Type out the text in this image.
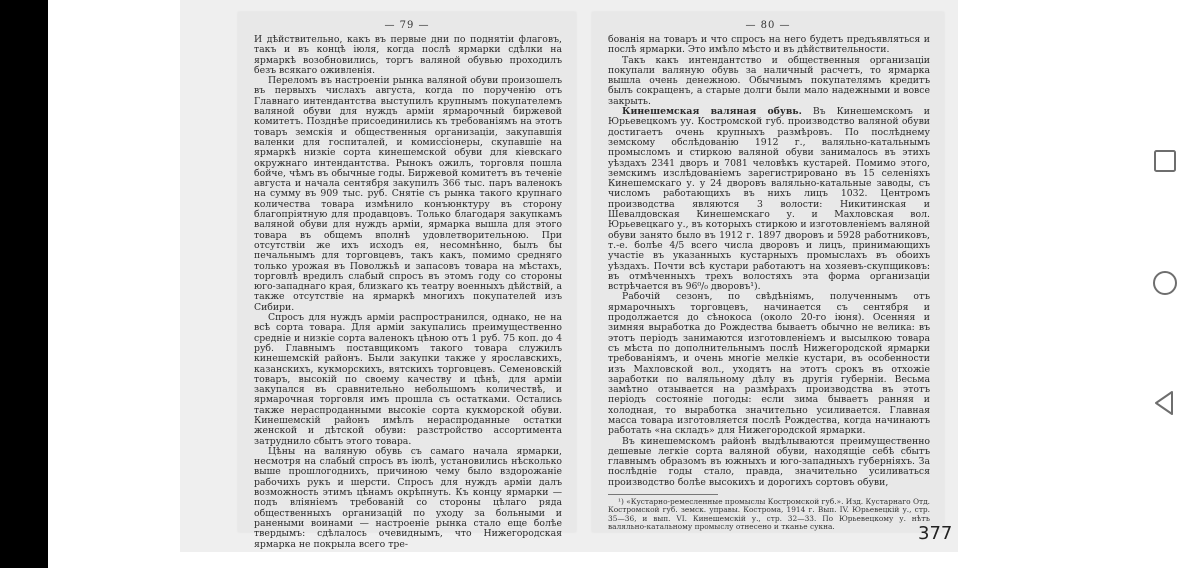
— 79 —

И дѣйствительно, какъ въ первые дни по поднятіи флаговъ, такъ и въ концѣ іюля, когда послѣ ярмарки сдѣлки на ярмаркѣ возобновились, торгъ валяной обувью проходилъ безъ всякаго оживленія.

Переломъ въ настроеніи рынка валяной обуви произошелъ въ первыхъ числахъ августа, когда по порученію отъ Главнаго интендантства выступилъ крупнымъ покупателемъ валяной обуви для нуждъ арміи ярмарочный биржевой комитетъ. Позднѣе присоединились къ требованіямъ на этотъ товаръ земскія и общественныя организаціи, закупавшія валенки для госпиталей, и комиссіонеры, скупавшіе на ярмаркѣ низкіе сорта кинешемской обуви для кіевскаго окружнаго интендантства. Рынокъ ожилъ, торговля пошла бойче, чѣмъ въ обычные годы. Биржевой комитетъ въ теченіе августа и начала сентября закупилъ 366 тыс. паръ валенокъ на сумму въ 909 тыс. руб. Снятіе съ рынка такого крупнаго количества товара измѣнило конъюнктуру въ сторону благопріятную для продавцовъ. Только благодаря закупкамъ валяной обуви для нуждъ арміи, ярмарка вышла для этого товара въ общемъ вполнѣ удовлетворительною. При отсутствіи же ихъ исходъ ея, несомнѣнно, былъ бы печальнымъ для торговцевъ, такъ какъ, помимо средняго только урожая въ Поволжьѣ и запасовъ товара на мѣстахъ, торговлѣ вредилъ слабый спросъ въ этомъ году со стороны юго-западнаго края, близкаго къ театру военныхъ дѣйствій, а также отсутствіе на ярмаркѣ многихъ покупателей изъ Сибири.

Спросъ для нуждъ арміи распространился, однако, не на всѣ сорта товара. Для арміи закупались преимущественно средніе и низкіе сорта валенокъ цѣною отъ 1 руб. 75 коп. до 4 руб. Главнымъ поставщикомъ такого товара служилъ кинешемскій районъ. Были закупки также у ярославскихъ, казанскихъ, кукморскихъ, вятскихъ торговцевъ. Семеновскій товаръ, высокій по своему качеству и цѣнѣ, для арміи закупался въ сравнительно небольшомъ количествѣ, и ярмарочная торговля имъ прошла съ остатками. Остались также нераспроданными высокіе сорта кукморской обуви. Кинешемскій районъ имѣлъ нераспроданные остатки женской и дѣтской обуви: разстройство ассортимента затруднило сбытъ этого товара.

Цѣны на валяную обувь съ самаго начала ярмарки, несмотря на слабый спросъ въ іюлѣ, установились нѣсколько выше прошлогоднихъ, причиною чему было вздорожаніе рабочихъ рукъ и шерсти. Спросъ для нуждъ арміи далъ возможность этимъ цѣнамъ окрѣпнуть. Къ концу ярмарки — подъ вліяніемъ требованій со стороны цѣлаго ряда общественныхъ организацій по уходу за больными и ранеными воинами — настроеніе рынка стало еще болѣе твердымъ: сдѣлалось очевиднымъ, что Нижегородская ярмарка не покрыла всего тре-

— 80 —

бованія на товаръ и что спросъ на него будетъ предъявляться и послѣ ярмарки. Это имѣло мѣсто и въ дѣйствительности.

Такъ какъ интендантство и общественныя организаціи покупали валяную обувь за наличный расчетъ, то ярмарка вышла очень денежною. Обычнымъ покупателямъ кредитъ былъ сокращенъ, а старые долги были мало надежными и вовсе закрыть.

Кинешемская валяная обувь. Въ Кинешемскомъ и Юрьевецкомъ уу. Костромской губ. производство валяной обуви достигаетъ очень крупныхъ размѣровъ. По послѣднему земскому обслѣдованію 1912 г., валяльно-катальнымъ промысломъ и стиркою валяной обуви занималось въ этихъ уѣздахъ 2341 дворъ и 7081 человѣкъ кустарей. Помимо этого, земскимъ изслѣдованіемъ зарегистрировано въ 15 селеніяхъ Кинешемскаго у. у 24 дворовъ валяльно-катальные заводы, съ числомъ работающихъ въ нихъ лицъ 1032. Центромъ производства являются 3 волости: Никитинская и Шевалдовская Кинешемскаго у. и Махловская вол. Юрьевецкаго у., въ которыхъ стиркою и изготовленіемъ валяной обуви занято было въ 1912 г. 1897 дворовъ и 5928 работниковъ, т.-е. болѣе 4/5 всего числа дворовъ и лицъ, принимающихъ участіе въ указанныхъ кустарныхъ промыслахъ въ обоихъ уѣздахъ. Почти всѣ кустари работаютъ на хозяевъ-скупщиковъ: въ отмѣченныхъ трехъ волостяхъ эта форма организаціи встрѣчается въ 96⁰/₀ дворовъ¹).

Рабочій сезонъ, по свѣдѣніямъ, полученнымъ отъ ярмарочныхъ торговцевъ, начинается съ сентября и продолжается до сѣнокоса (около 20-го іюня). Осенняя и зимняя выработка до Рождества бываетъ обычно не велика: въ этотъ періодъ занимаются изготовленіемъ и высылкою товара съ мѣста по дополнительнымъ послѣ Нижегородской ярмарки требованіямъ, и очень многіе мелкіе кустари, въ особенности изъ Махловской вол., уходятъ на этотъ срокъ въ отхожіе заработки по валяльному дѣлу въ другія губерніи. Весьма замѣтно отзывается на размѣрахъ производства въ этотъ періодъ состояніе погоды: если зима бываетъ ранняя и холодная, то выработка значительно усиливается. Главная масса товара изготовляется послѣ Рождества, когда начинаютъ работать «на складъ» для Нижегородской ярмарки.

Въ кинешемскомъ районѣ выдѣлываются преимущественно дешевые легкіе сорта валяной обуви, находящіе себѣ сбытъ главнымъ образомъ въ южныхъ и юго-западныхъ губерніяхъ. За послѣдніе годы стало, правда, значительно усиливаться производство болѣе высокихъ и дорогихъ сортовъ обуви,

¹) «Кустарно-ремесленные промыслы Костромской губ.». Изд. Кустарнаго Отд. Костромской губ. земск. управы. Кострома, 1914 г. Вып. IV. Юрьевецкій у., стр. 35—36, и вып. VI. Кинешемскій у., стр. 32—33. По Юрьевецкому у. нѣтъ валяльно-катальному промыслу отнесено и тканье сукна.	377
